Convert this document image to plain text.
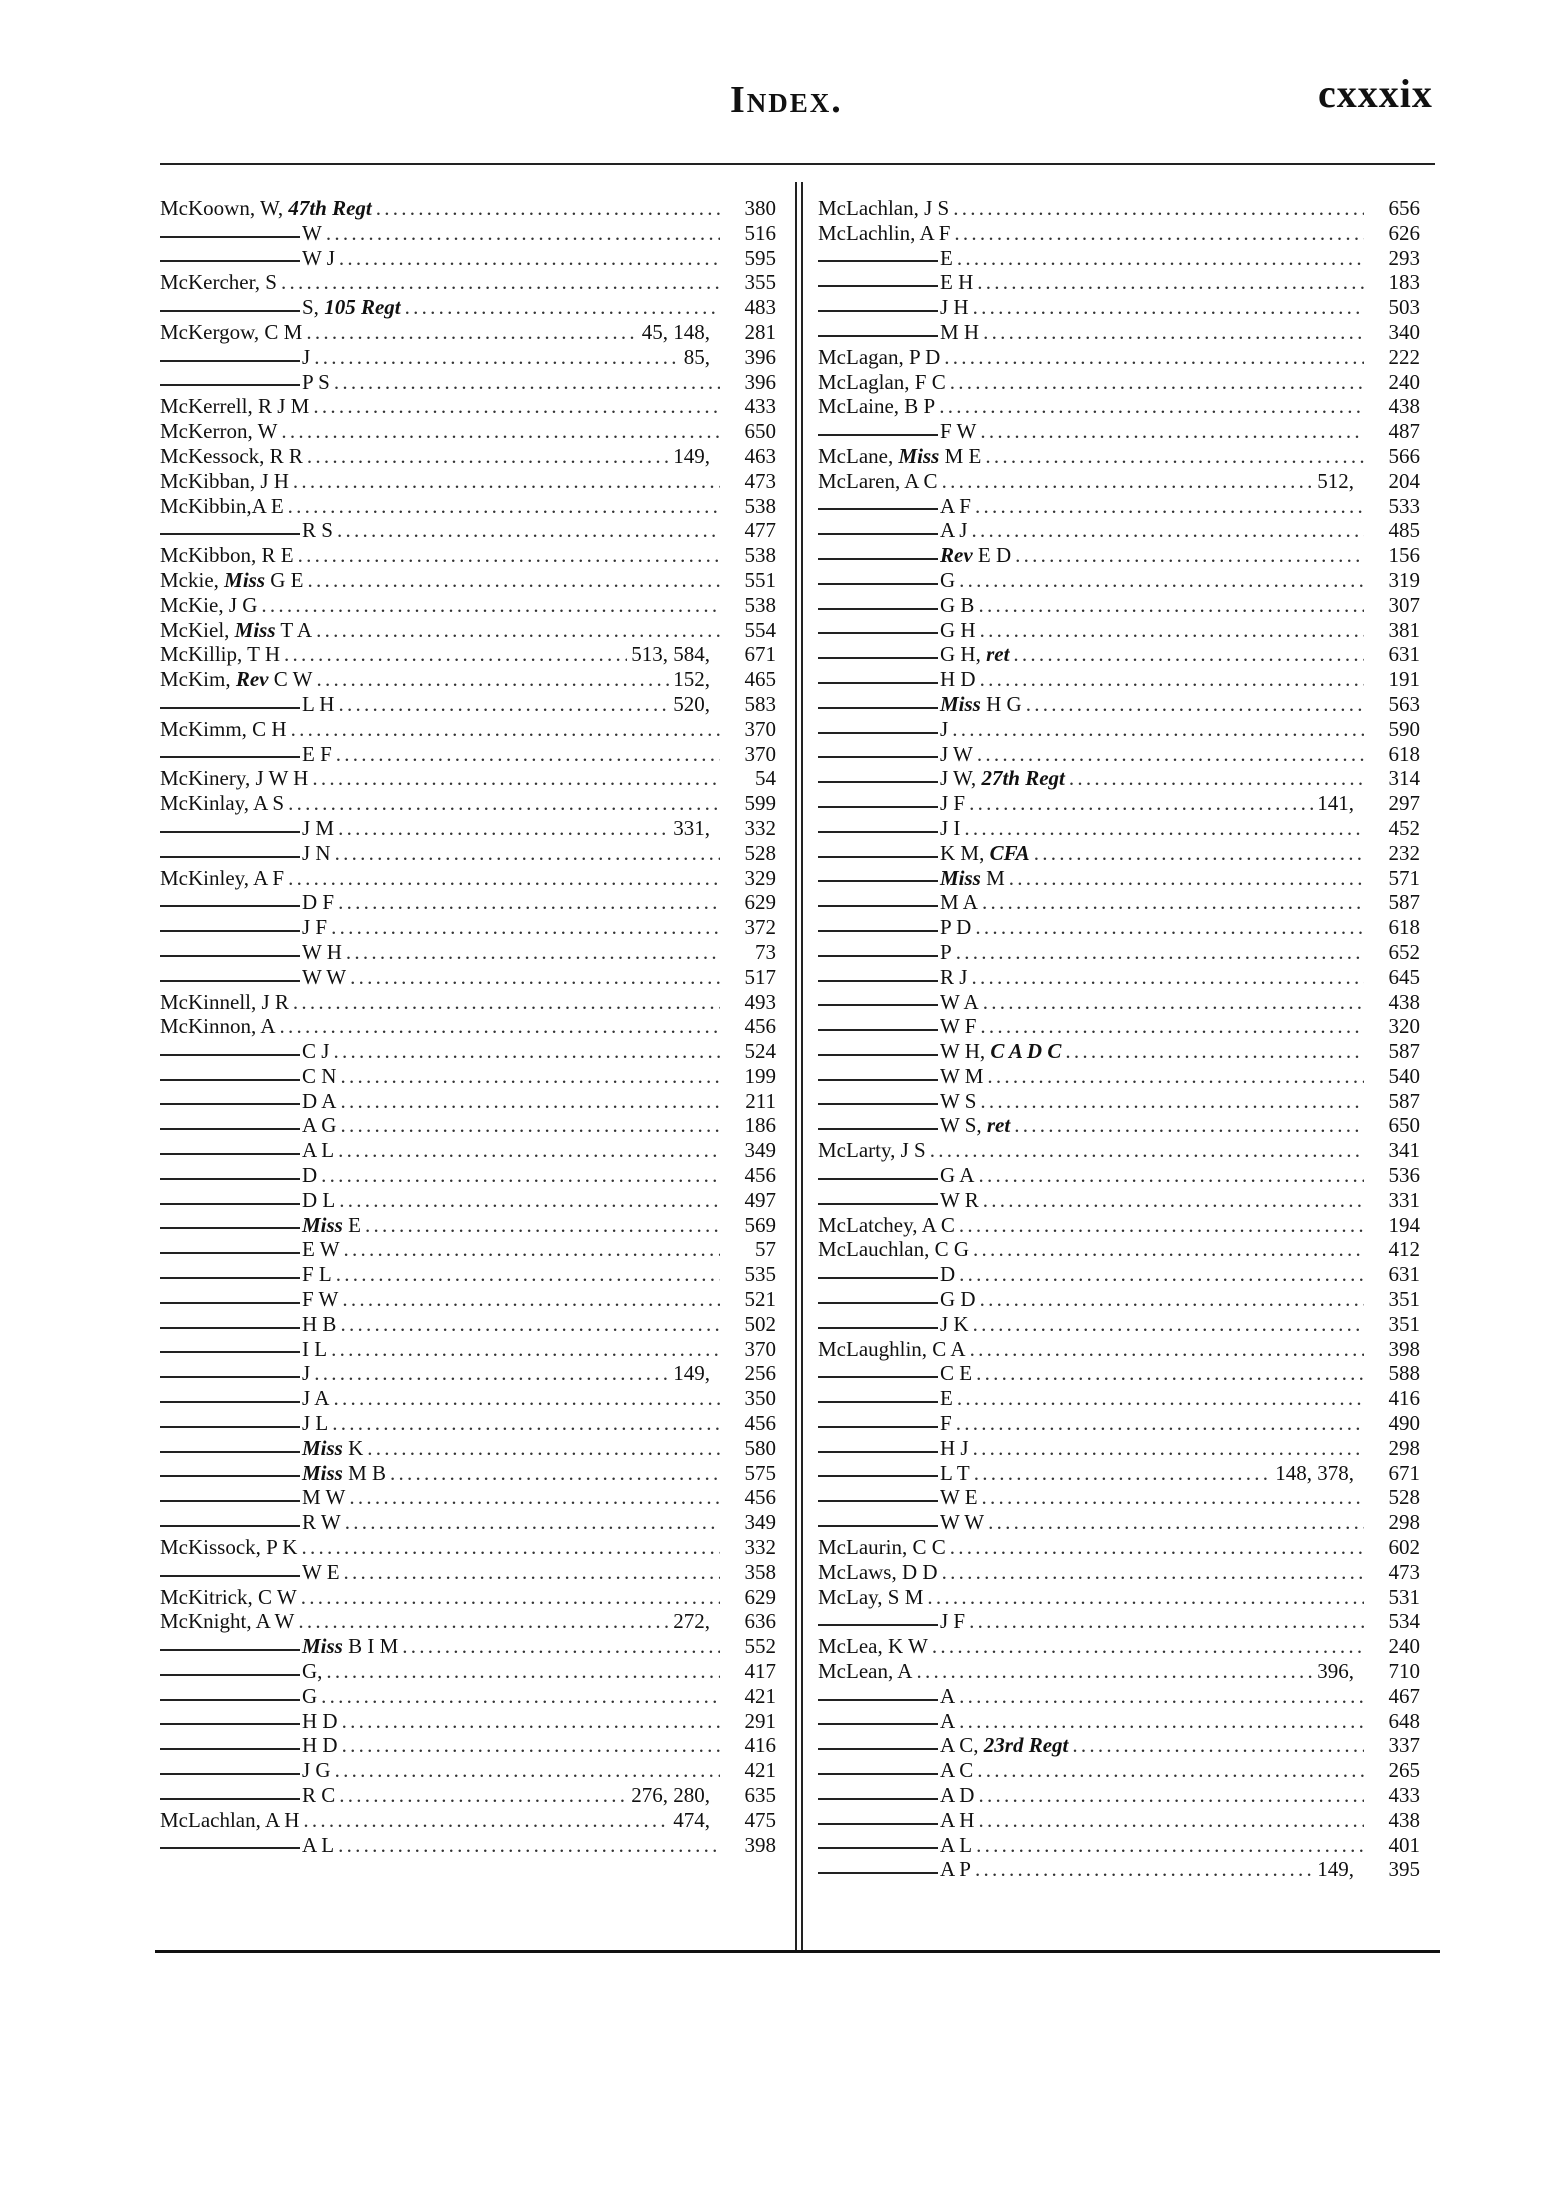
Index.	cxxxix
McKoown, W, 47th Regt . . .	380
W . . .	516
W J . . .	595
McKercher, S . . .	355
S, 105 Regt . . .	483
McKergow, C M . . .	45, 148,	281
J . . .	85,	396
P S . . .	396
McKerrell, R J M . . .	433
McKerron, W . . .	650
McKessock, R R . . .	149,	463
McKibban, J H . . .	473
McKibbin,A E . . .	538
R S . . .	477
McKibbon, R E . . .	538
Mckie, Miss G E . . .	551
McKie, J G . . .	538
McKiel, Miss T A . . .	554
McKillip, T H . . .	513, 584,	671
McKim, Rev C W . . .	152,	465
L H . . .	520,	583
McKimm, C H . . .	370
E F . . .	370
McKinery, J W H . . .	54
McKinlay, A S . . .	599
J M . . .	331,	332
J N . . .	528
McKinley, A F . . .	329
D F . . .	629
J F . . .	372
W H . . .	73
W W . . .	517
McKinnell, J R . . .	493
McKinnon, A . . .	456
C J . . .	524
C N . . .	199
D A . . .	211
A G . . .	186
A L . . .	349
D . . .	456
D L . . .	497
Miss E . . .	569
E W . . .	57
F L . . .	535
F W . . .	521
H B . . .	502
I L . . .	370
J . . .	149,	256
J A . . .	350
J L . . .	456
Miss K . . .	580
Miss M B . . .	575
M W . . .	456
R W . . .	349
McKissock, P K . . .	332
W E . . .	358
McKitrick, C W . . .	629
McKnight, A W . . .	272,	636
Miss B I M . . .	552
G, . . .	417
G . . .	421
H D . . .	291
H D . . .	416
J G . . .	421
R C . . .	276, 280,	635
McLachlan, A H . . .	474,	475
A L . . .	398
McLachlan, J S . . .	656
McLachlin, A F . . .	626
E . . .	293
E H . . .	183
J H . . .	503
M H . . .	340
McLagan, P D . . .	222
McLaglan, F C . . .	240
McLaine, B P . . .	438
F W . . .	487
McLane, Miss M E . . .	566
McLaren, A C . . .	512,	204
A F . . .	533
A J . . .	485
Rev E D . . .	156
G . . .	319
G B . . .	307
G H . . .	381
G H, ret . . .	631
H D . . .	191
Miss H G . . .	563
J . . .	590
J W . . .	618
J W, 27th Regt . . .	314
J F . . .	141,	297
J I . . .	452
K M, CFA . . .	232
Miss M . . .	571
M A . . .	587
P D . . .	618
P . . .	652
R J . . .	645
W A . . .	438
W F . . .	320
W H, C A D C . . .	587
W M . . .	540
W S . . .	587
W S, ret . . .	650
McLarty, J S . . .	341
G A . . .	536
W R . . .	331
McLatchey, A C . . .	194
McLauchlan, C G . . .	412
D . . .	631
G D . . .	351
J K . . .	351
McLaughlin, C A . . .	398
C E . . .	588
E . . .	416
F . . .	490
H J . . .	298
L T . . .	148, 378,	671
W E . . .	528
W W . . .	298
McLaurin, C C . . .	602
McLaws, D D . . .	473
McLay, S M . . .	531
J F . . .	534
McLea, K W . . .	240
McLean, A . . .	396,	710
A . . .	467
A . . .	648
A C, 23rd Regt . . .	337
A C . . .	265
A D . . .	433
A H . . .	438
A L . . .	401
A P . . .	149,	395
